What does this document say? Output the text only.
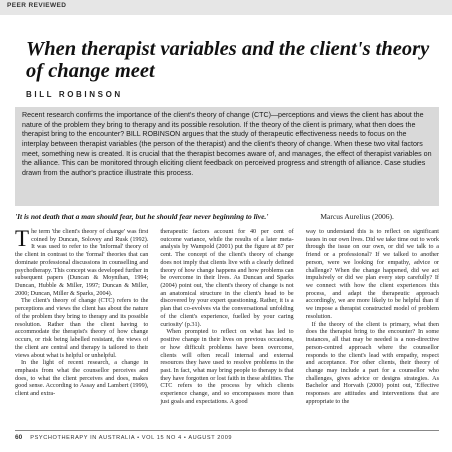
PEER REVIEWED
When therapist variables and the client's theory of change meet
BILL ROBINSON
Recent research confirms the importance of the client's theory of change (CTC)—perceptions and views the client has about the nature of the problem they bring to therapy and its possible resolution. If the theory of the client is primary, what then does the therapist bring to the encounter? BILL ROBINSON argues that the study of therapeutic effectiveness needs to focus on the interplay between therapist variables (the person of the therapist) and the client's theory of change. When these two vital factors meet, something new is created. It is crucial that the therapist becomes aware of, and manages, the effect of therapist variables on the alliance. This can be monitored through eliciting client feedback on perceived progress and strength of alliance. Case studies drawn from the author's practice illustrate this process.
'It is not death that a man should fear, but he should fear never beginning to live.'	Marcus Aurelius (2006).

The term 'the client's theory of change' was first coined by Duncan, Solovey and Rusk (1992). It was used to refer to the 'informal' theory of the client in contrast to the 'formal' theories that can dominate professional discussions in counselling and psychotherapy. This concept was developed further in subsequent papers (Duncan & Moynihan, 1994; Duncan, Hubble & Miller, 1997; Duncan & Miller, 2000; Duncan, Miller & Sparks, 2004).

The client's theory of change (CTC) refers to the perceptions and views the client has about the nature of the problem they bring to therapy and its possible resolution. Rather than the client having to accommodate the therapist's theory of how change occurs, or risk being labelled resistant, the views of the client are central and therapy is tailored to their views about what is helpful or unhelpful.

In the light of recent research, a change in emphasis from what the counsellor perceives and does, to what the client perceives and does, makes good sense. According to Assay and Lambert (1999), client and extra-

therapeutic factors account for 40 per cent of outcome variance, while the results of a later meta-analysis by Wampold (2001) put the figure at 87 per cent. The concept of the client's theory of change does not imply that clients live with a clearly defined theory of how change happens and how problems can be overcome in their lives. As Duncan and Sparks (2004) point out, 'the client's theory of change is not an anatomical structure in the client's head to be discovered by your expert questioning. Rather, it is a plan that co-evolves via the conversational unfolding of the client's experience, fuelled by your caring curiosity' (p.31).

When prompted to reflect on what has led to positive change in their lives on previous occasions, or how difficult problems have been overcome, clients will often recall internal and external resources they have used to resolve problems in the past. In fact, what may bring people to therapy is that they have forgotten or lost faith in these abilities. The CTC refers to the process by which clients experience change, and so encompasses more than just goals and expectations. A good

way to understand this is to reflect on significant issues in our own lives. Did we take time out to work through the issue on our own, or did we talk to a friend or a professional? If we talked to another person, were we looking for empathy, advice or challenge? When the change happened, did we act impulsively or did we plan every step carefully? If we connect with how the client experiences this process, and adapt the therapeutic approach accordingly, we are more likely to be helpful than if we impose a therapist constructed model of problem resolution.

If the theory of the client is primary, what then does the therapist bring to the encounter? In some instances, all that may be needed is a non-directive person-centred approach where the counsellor responds to the client's lead with empathy, respect and acceptance. For other clients, their theory of change may include a part for a counsellor who challenges, gives advice or designs strategies. As Bachelor and Horvath (2000) point out, 'Effective responses are attitudes and interventions that are appropriate to the

60 PSYCHOTHERAPY IN AUSTRALIA • VOL 15 NO 4 • AUGUST 2009
